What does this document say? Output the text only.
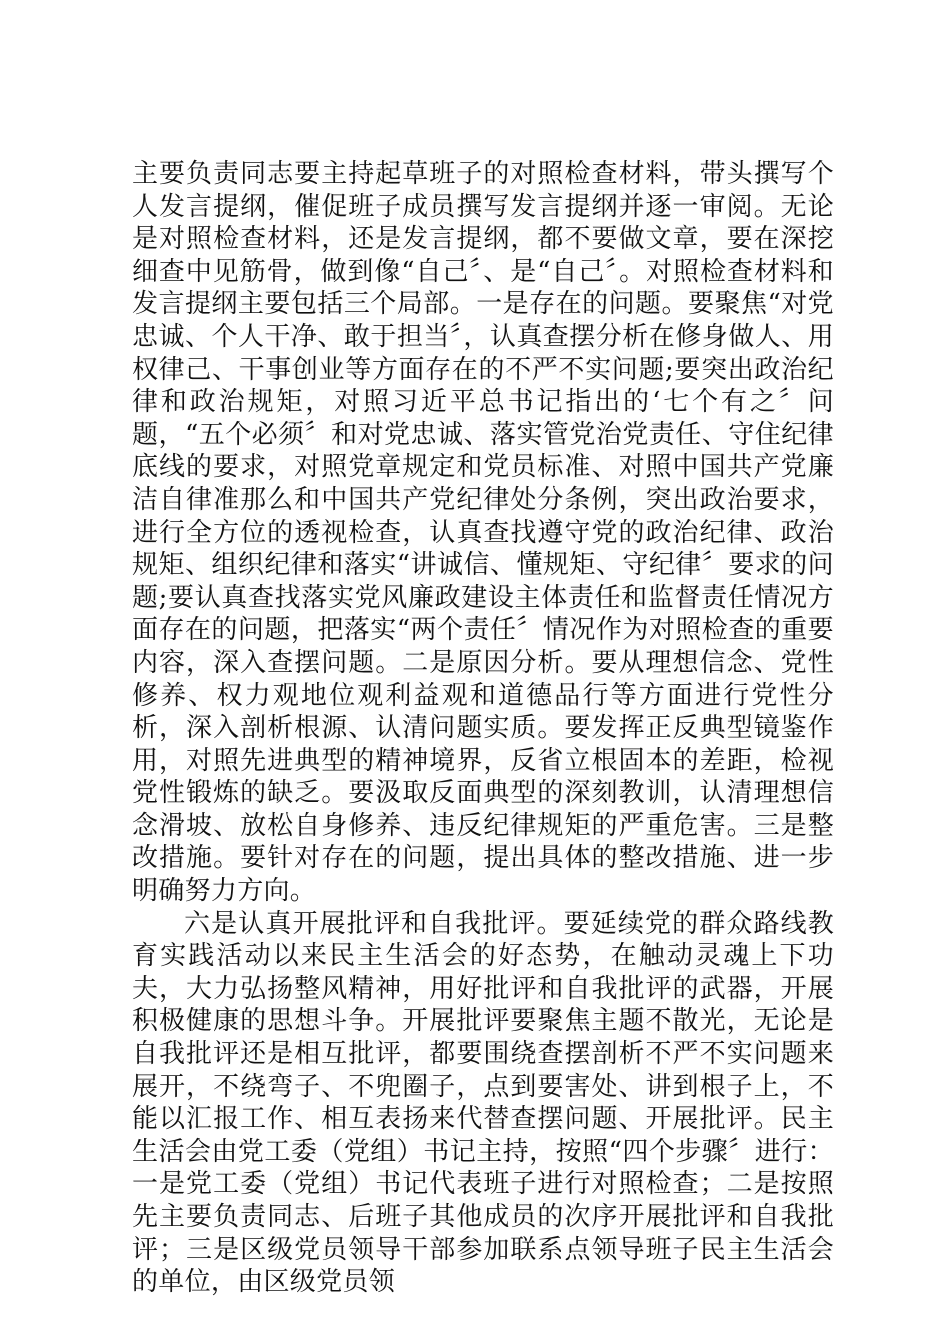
主要负责同志要主持起草班子的对照检查材料，带头撰写个人发言提纲，催促班子成员撰写发言提纲并逐一审阅。无论是对照检查材料，还是发言提纲，都不要做文章，要在深挖细查中见筋骨，做到像“自己〞、是“自己〞。对照检查材料和发言提纲主要包括三个局部。一是存在的问题。要聚焦“对党忠诚、个人干净、敢于担当〞，认真查摆分析在修身做人、用权律己、干事创业等方面存在的不严不实问题;要突出政治纪律和政治规矩，对照习近平总书记指出的‘七个有之〞问题，“五个必须〞和对党忠诚、落实管党治党责任、守住纪律底线的要求，对照党章规定和党员标准、对照中国共产党廉洁自律准那么和中国共产党纪律处分条例，突出政治要求，进行全方位的透视检查，认真查找遵守党的政治纪律、政治规矩、组织纪律和落实“讲诚信、懂规矩、守纪律〞要求的问题;要认真查找落实党风廉政建设主体责任和监督责任情况方面存在的问题，把落实“两个责任〞情况作为对照检查的重要内容，深入查摆问题。二是原因分析。要从理想信念、党性修养、权力观地位观利益观和道德品行等方面进行党性分析，深入剖析根源、认清问题实质。要发挥正反典型镜鉴作用，对照先进典型的精神境界，反省立根固本的差距，检视党性锻炼的缺乏。要汲取反面典型的深刻教训，认清理想信念滑坡、放松自身修养、违反纪律规矩的严重危害。三是整改措施。要针对存在的问题，提出具体的整改措施、进一步明确努力方向。

六是认真开展批评和自我批评。要延续党的群众路线教育实践活动以来民主生活会的好态势，在触动灵魂上下功夫，大力弘扬整风精神，用好批评和自我批评的武器，开展积极健康的思想斗争。开展批评要聚焦主题不散光，无论是自我批评还是相互批评，都要围绕查摆剖析不严不实问题来展开，不绕弯子、不兜圈子，点到要害处、讲到根子上，不能以汇报工作、相互表扬来代替查摆问题、开展批评。民主生活会由党工委（党组）书记主持，按照“四个步骤〞进行：一是党工委（党组）书记代表班子进行对照检查；二是按照先主要负责同志、后班子其他成员的次序开展批评和自我批评；三是区级党员领导干部参加联系点领导班子民主生活会的单位，由区级党员领
